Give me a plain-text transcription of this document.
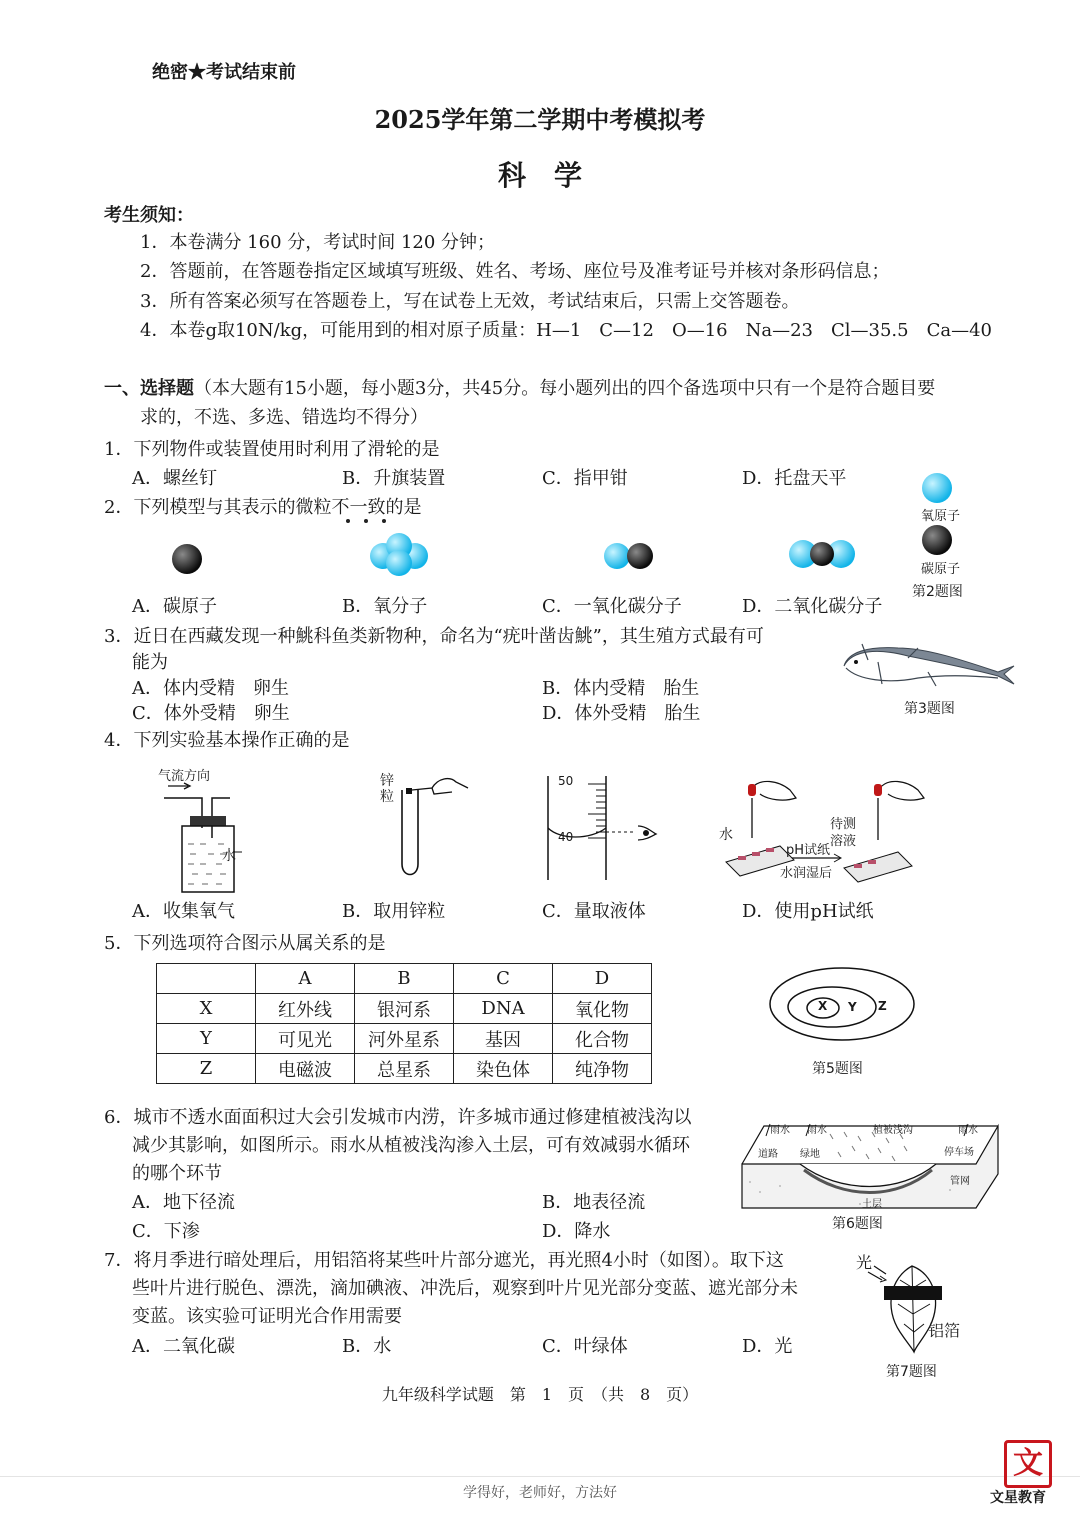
绝密★考试结束前
2025学年第二学期中考模拟考
科　学
考生须知：
1．本卷满分 160 分，考试时间 120 分钟；
2．答题前，在答题卷指定区域填写班级、姓名、考场、座位号及准考证号并核对条形码信息；
3．所有答案必须写在答题卷上，写在试卷上无效，考试结束后，只需上交答题卷。
4．本卷g取10N/kg，可能用到的相对原子质量：H—1　C—12　O—16　Na—23　Cl—35.5　Ca—40
一、选择题（本大题有15小题，每小题3分，共45分。每小题列出的四个备选项中只有一个是符合题目要
求的，不选、多选、错选均不得分）
1．下列物件或装置使用时利用了滑轮的是
A．螺丝钉	B．升旗装置	C．指甲钳	D．托盘天平
2．下列模型与其表示的微粒不一致的是	氧原子
碳原子
第2题图
A．碳原子	B．氧分子	C．一氧化碳分子	D．二氧化碳分子
3．近日在西藏发现一种鮡科鱼类新物种，命名为“疣叶凿齿鮡”，其生殖方式最有可
能为
A．体内受精　卵生	B．体内受精　胎生
C．体外受精　卵生	D．体外受精　胎生	第3题图
4．下列实验基本操作正确的是
气流方向
水
锌
粒
50
40	水
pH试纸
水润湿后
待测
溶液
A．收集氧气	B．取用锌粒	C．量取液体	D．使用pH试纸
5．下列选项符合图示从属关系的是
	A	B	C	D
X	红外线	银河系	DNA	氧化物
Y	可见光	河外星系	基因	化合物
Z	电磁波	总星系	染色体	纯净物
X Y Z
第5题图
6．城市不透水面面积过大会引发城市内涝，许多城市通过修建植被浅沟以
减少其影响，如图所示。雨水从植被浅沟渗入土层，可有效减弱水循环
的哪个环节
A．地下径流	B．地表径流
C．下渗	D．降水
雨水 雨水	植被浅沟	雨水
道路 绿地	停车场
管网
土层
第6题图
7．将月季进行暗处理后，用铝箔将某些叶片部分遮光，再光照4小时（如图）。取下这
些叶片进行脱色、漂洗，滴加碘液、冲洗后，观察到叶片见光部分变蓝、遮光部分未
变蓝。该实验可证明光合作用需要
A．二氧化碳	B．水	C．叶绿体	D．光
光
铝箔
第7题图
九年级科学试题　第　1　页　（共　8　页）
学得好，老师好，方法好
文
文星教育
